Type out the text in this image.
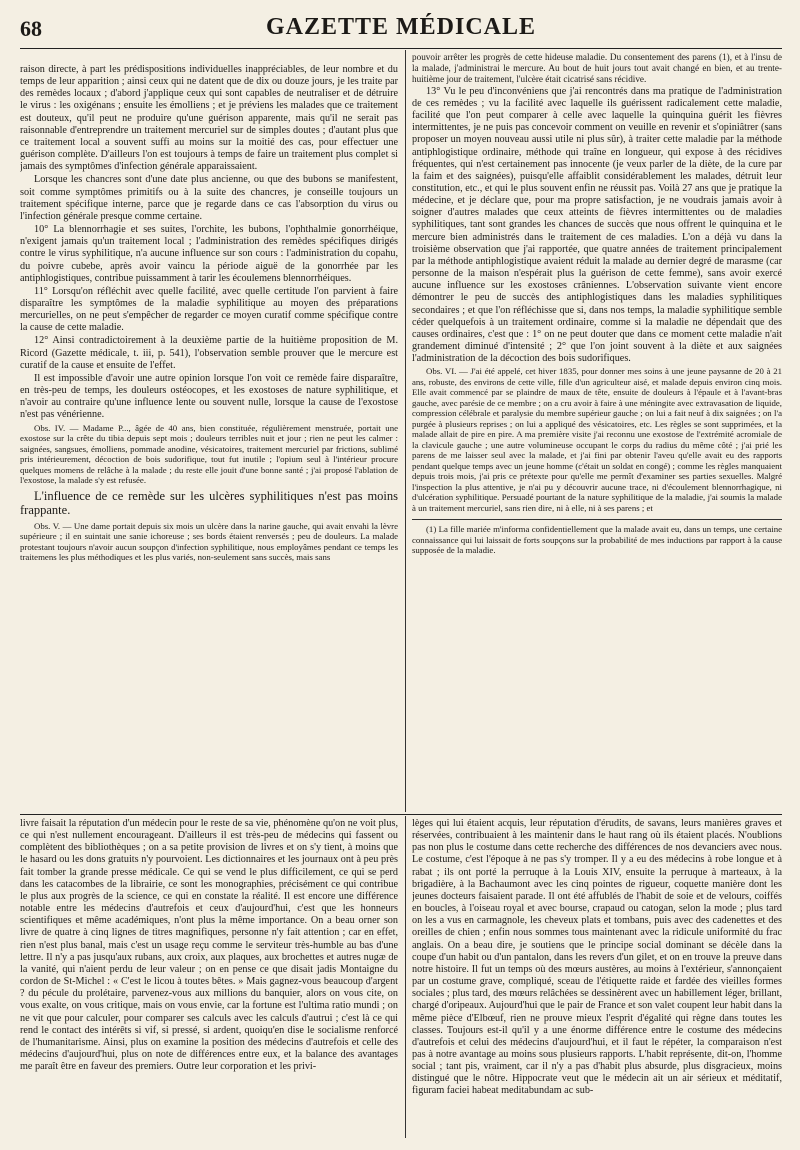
68	GAZETTE MÉDICALE

raison directe, à part les prédispositions individuelles inappréciables, de leur nombre et du temps de leur apparition ; ainsi ceux qui ne datent que de dix ou douze jours, je les traite par des remèdes locaux ; d'abord j'applique ceux qui sont capables de neutraliser et de détruire le virus : les oxigénans ; ensuite les émolliens ; et je préviens les malades que ce traitement est douteux, qu'il peut ne produire qu'une guérison apparente, mais qu'il ne serait pas raisonnable d'entreprendre un traitement mercuriel sur de simples doutes ; d'autant plus que ce traitement local a souvent suffi au moins sur la moitié des cas, pour effectuer une guérison complète. D'ailleurs l'on est toujours à temps de faire un traitement plus complet si jamais des symptômes d'infection générale apparaissaient.

Lorsque les chancres sont d'une date plus ancienne, ou que des bubons se manifestent, soit comme symptômes primitifs ou à la suite des chancres, je conseille toujours un traitement spécifique interne, parce que je regarde dans ce cas l'absorption du virus ou l'infection générale presque comme certaine.

10° La blennorrhagie et ses suites, l'orchite, les bubons, l'ophthalmie gonorrhéique, n'exigent jamais qu'un traitement local ; l'administration des remèdes spécifiques dirigés contre le virus syphilitique, n'a aucune influence sur son cours : l'administration du copahu, du poivre cubebe, après avoir vaincu la période aiguë de la gonorrhée par les antiphlogistiques, contribue puissamment à tarir les écoulemens blennorrhéiques.

11° Lorsqu'on réfléchit avec quelle facilité, avec quelle certitude l'on parvient à faire disparaître les symptômes de la maladie syphilitique au moyen des préparations mercurielles, on ne peut s'empêcher de regarder ce moyen curatif comme spécifique contre la cause de cette maladie.

12° Ainsi contradictoirement à la deuxième partie de la huitième proposition de M. Ricord (Gazette médicale, t. iii, p. 541), l'observation semble prouver que le mercure est curatif de la cause et ensuite de l'effet.

Il est impossible d'avoir une autre opinion lorsque l'on voit ce remède faire disparaître, en très-peu de temps, les douleurs ostéocopes, et les exostoses de nature syphilitique, et n'avoir au contraire qu'une influence lente ou souvent nulle, lorsque la cause de l'exostose n'est pas vénérienne.

Obs. IV. — Madame P..., âgée de 40 ans, bien constituée, régulièrement menstruée, portait une exostose sur la crête du tibia depuis sept mois ; douleurs terribles nuit et jour ; rien ne peut les calmer : saignées, sangsues, émolliens, pommade anodine, vésicatoires, traitement mercuriel par frictions, sublimé pris intérieurement, décoction de bois sudorifique, tout fut inutile ; l'opium seul à l'intérieur procure quelques momens de relâche à la malade ; du reste elle jouit d'une bonne santé ; j'ai proposé l'ablation de l'exostose, la malade s'y est refusée.

L'influence de ce remède sur les ulcères syphilitiques n'est pas moins frappante.

Obs. V. — Une dame portait depuis six mois un ulcère dans la narine gauche, qui avait envahi la lèvre supérieure ; il en suintait une sanie ichoreuse ; ses bords étaient renversés ; peu de douleurs. La malade protestant toujours n'avoir aucun soupçon d'infection syphilitique, nous employâmes pendant ce temps les traitemens les plus méthodiques et les plus variés, non-seulement sans succès, mais sans

pouvoir arrêter les progrès de cette hideuse maladie. Du consentement des parens (1), et à l'insu de la malade, j'administrai le mercure. Au bout de huit jours tout avait changé en bien, et au trente-huitième jour de traitement, l'ulcère était cicatrisé sans récidive.

13° Vu le peu d'inconvéniens que j'ai rencontrés dans ma pratique de l'administration de ces remèdes ; vu la facilité avec laquelle ils guérissent radicalement cette maladie, facilité que l'on peut comparer à celle avec laquelle la quinquina guérit les fièvres intermittentes, je ne puis pas concevoir comment on veuille en revenir et s'opiniâtrer (sans proposer un moyen nouveau aussi utile ni plus sûr), à traiter cette maladie par la méthode antiphlogistique ordinaire, méthode qui traîne en longueur, qui expose à des récidives fréquentes, qui n'est certainement pas innocente (je veux parler de la diète, de la cure par la faim et des saignées), puisqu'elle affaiblit considérablement les malades, détruit leur constitution, etc., et qui le plus souvent enfin ne réussit pas. Voilà 27 ans que je pratique la médecine, et je déclare que, pour ma propre satisfaction, je ne voudrais jamais avoir à soigner d'autres malades que ceux atteints de fièvres intermittentes ou de maladies syphilitiques, tant sont grandes les chances de succès que nous offrent le quinquina et le mercure bien administrés dans le traitement de ces maladies. L'on a déjà vu dans la troisième observation que j'ai rapportée, que quatre années de traitement principalement par la méthode antiphlogistique avaient réduit la malade au dernier degré de marasme (car personne de la maison n'espérait plus la guérison de cette femme), sans avoir exercé aucune influence sur les exostoses crâniennes. L'observation suivante vient encore démontrer le peu de succès des antiphlogistiques dans les maladies syphilitiques secondaires ; et que l'on réfléchisse que si, dans nos temps, la maladie syphilitique semble céder quelquefois à un traitement ordinaire, comme si la maladie ne dépendait que des causes ordinaires, c'est que : 1° on ne peut douter que dans ce moment cette maladie n'ait grandement diminué d'intensité ; 2° que l'on joint souvent à la diète et aux saignées l'administration de la décoction des bois sudorifiques.

Obs. VI. — J'ai été appelé, cet hiver 1835, pour donner mes soins à une jeune paysanne de 20 à 21 ans, robuste, des environs de cette ville, fille d'un agriculteur aisé, et malade depuis environ cinq mois. Elle avait commencé par se plaindre de maux de tête, ensuite de douleurs à l'épaule et à l'avant-bras gauche, avec parésie de ce membre ; on a cru avoir à faire à une méningite avec extravasation de liquide, compression célébrale et paralysie du membre supérieur gauche ; on lui a fait neuf à dix saignées ; on l'a purgée à plusieurs reprises ; on lui a appliqué des vésicatoires, etc. Les règles se sont supprimées, et la malade allait de pire en pire. A ma première visite j'ai reconnu une exostose de l'extrémité acromiale de la clavicule gauche ; une autre volumineuse occupant le corps du radius du même côté ; j'ai prié les parens de me laisser seul avec la malade, et j'ai fini par obtenir l'aveu qu'elle avait eu des rapports pendant quelque temps avec un jeune homme (c'était un soldat en congé) ; comme les règles manquaient depuis trois mois, j'ai pris ce prétexte pour qu'elle me permît d'examiner ses parties sexuelles. Malgré l'inspection la plus attentive, je n'ai pu y découvrir aucune trace, ni d'écoulement blennorrhagique, ni d'ulcération syphilitique. Persuadé pourtant de la nature syphilitique de la maladie, j'ai soumis la malade à un traitement mercuriel, sans rien dire, ni à elle, ni à ses parens ; et

(1) La fille mariée m'informa confidentiellement que la malade avait eu, dans un temps, une certaine connaissance qui lui laissait de forts soupçons sur la probabilité de mes inductions par rapport à la cause supposée de la maladie.

livre faisait la réputation d'un médecin pour le reste de sa vie, phénomène qu'on ne voit plus, ce qui n'est nullement encourageant. D'ailleurs il est très-peu de médecins qui fassent ou complètent des bibliothèques ; on a sa petite provision de livres et on s'y tient, à moins que le hasard ou les dons gratuits n'y pourvoient. Les dictionnaires et les journaux ont à peu près fait tomber la grande presse médicale. Ce qui se vend le plus difficilement, ce qui se perd dans les catacombes de la librairie, ce sont les monographies, précisément ce qui contribue le plus aux progrès de la science, ce qui en constate la réalité. Il est encore une différence notable entre les médecins d'autrefois et ceux d'aujourd'hui, c'est que les honneurs scientifiques et même académiques, n'ont plus la même importance. On a beau orner son livre de quatre à cinq lignes de titres magnifiques, personne n'y fait attention ; car en effet, rien n'est plus banal, mais c'est un usage reçu comme le serviteur très-humble au bas d'une lettre. Il n'y a pas jusqu'aux rubans, aux croix, aux plaques, aux brochettes et autres nugæ de la vanité, qui n'aient perdu de leur valeur ; on en pense ce que disait jadis Montaigne du cordon de St-Michel : « C'est le licou à toutes bêtes. » Mais gagnez-vous beaucoup d'argent ? du pécule du prolétaire, parvenez-vous aux millions du banquier, alors on vous cite, on vous exalte, on vous critique, mais on vous envie, car la fortune est l'ultima ratio mundi ; on ne vit que pour calculer, pour comparer ses calculs avec les calculs d'autrui ; c'est là ce qui rend le contact des intérêts si vif, si pressé, si ardent, quoiqu'en dise le socialisme renforcé de l'humanitarisme. Ainsi, plus on examine la position des médecins d'autrefois et celle des médecins d'aujourd'hui, plus on note de différences entre eux, et la balance des avantages me paraît être en faveur des premiers. Outre leur corporation et les privi-

lèges qui lui étaient acquis, leur réputation d'érudits, de savans, leurs manières graves et réservées, contribuaient à les maintenir dans le haut rang où ils étaient placés. N'oublions pas non plus le costume dans cette recherche des différences de nos devanciers avec nous. Le costume, c'est l'époque à ne pas s'y tromper. Il y a eu des médecins à robe longue et à rabat ; ils ont porté la perruque à la Louis XIV, ensuite la perruque à marteaux, à la brigadière, à la Bachaumont avec les cinq pointes de rigueur, coquette manière dont les jeunes docteurs faisaient parade. Il ont été affublés de l'habit de soie et de velours, coiffés en boucles, à l'oiseau royal et avec bourse, crapaud ou catogan, selon la mode ; plus tard on les a vus en carmagnole, les cheveux plats et tombans, puis avec des cadenettes et des oreilles de chien ; enfin nous sommes tous maintenant avec la ridicule uniformité du frac anglais. On a beau dire, je soutiens que le principe social dominant se décèle dans la coupe d'un habit ou d'un pantalon, dans les revers d'un gilet, et on en trouve la preuve dans notre histoire. Il fut un temps où des mœurs austères, au moins à l'extérieur, s'annonçaient par un costume grave, compliqué, sceau de l'étiquette raide et fardée des vieilles formes sociales ; plus tard, des mœurs relâchées se dessinèrent avec un habillement léger, brillant, chargé d'oripeaux. Aujourd'hui que le pair de France et son valet coupent leur habit dans la même pièce d'Elbœuf, rien ne prouve mieux l'esprit d'égalité qui règne dans toutes les classes. Toujours est-il qu'il y a une énorme différence entre le costume des médecins d'autrefois et celui des médecins d'aujourd'hui, et il faut le répéter, la comparaison n'est pas à notre avantage au moins sous plusieurs rapports. L'habit représente, dit-on, l'homme social ; tant pis, vraiment, car il n'y a pas d'habit plus absurde, plus disgracieux, moins distingué que le nôtre. Hippocrate veut que le médecin ait un air sérieux et méditatif, figuram faciei habeat meditabundam ac sub-
